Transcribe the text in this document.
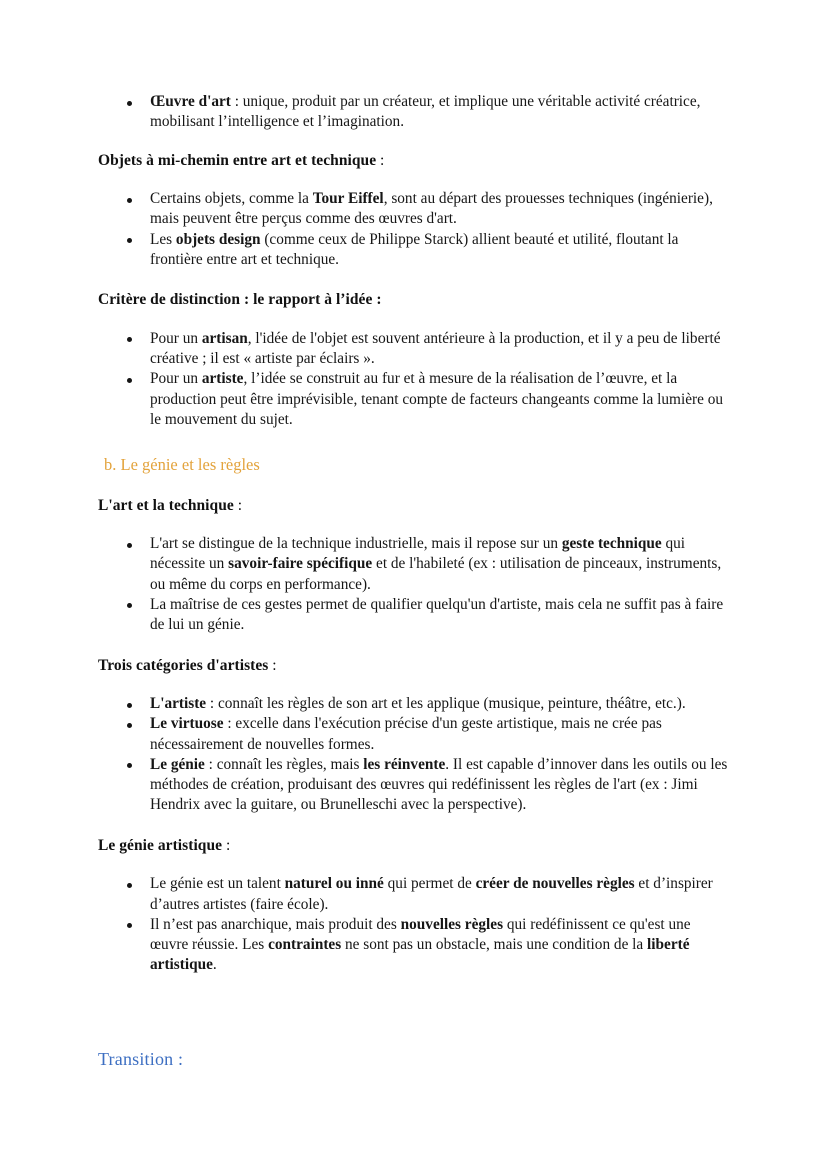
Œuvre d'art : unique, produit par un créateur, et implique une véritable activité créatrice, mobilisant l’intelligence et l’imagination.

Objets à mi-chemin entre art et technique :

Certains objets, comme la Tour Eiffel, sont au départ des prouesses techniques (ingénierie), mais peuvent être perçus comme des œuvres d'art.
Les objets design (comme ceux de Philippe Starck) allient beauté et utilité, floutant la frontière entre art et technique.

Critère de distinction : le rapport à l’idée :

Pour un artisan, l'idée de l'objet est souvent antérieure à la production, et il y a peu de liberté créative ; il est « artiste par éclairs ».
Pour un artiste, l’idée se construit au fur et à mesure de la réalisation de l’œuvre, et la production peut être imprévisible, tenant compte de facteurs changeants comme la lumière ou le mouvement du sujet.

b. Le génie et les règles

L'art et la technique :

L'art se distingue de la technique industrielle, mais il repose sur un geste technique qui nécessite un savoir-faire spécifique et de l'habileté (ex : utilisation de pinceaux, instruments, ou même du corps en performance).
La maîtrise de ces gestes permet de qualifier quelqu'un d'artiste, mais cela ne suffit pas à faire de lui un génie.

Trois catégories d'artistes :

L'artiste : connaît les règles de son art et les applique (musique, peinture, théâtre, etc.).
Le virtuose : excelle dans l'exécution précise d'un geste artistique, mais ne crée pas nécessairement de nouvelles formes.
Le génie : connaît les règles, mais les réinvente. Il est capable d’innover dans les outils ou les méthodes de création, produisant des œuvres qui redéfinissent les règles de l'art (ex : Jimi Hendrix avec la guitare, ou Brunelleschi avec la perspective).

Le génie artistique :

Le génie est un talent naturel ou inné qui permet de créer de nouvelles règles et d’inspirer d’autres artistes (faire école).
Il n’est pas anarchique, mais produit des nouvelles règles qui redéfinissent ce qu'est une œuvre réussie. Les contraintes ne sont pas un obstacle, mais une condition de la liberté artistique.

Transition :
